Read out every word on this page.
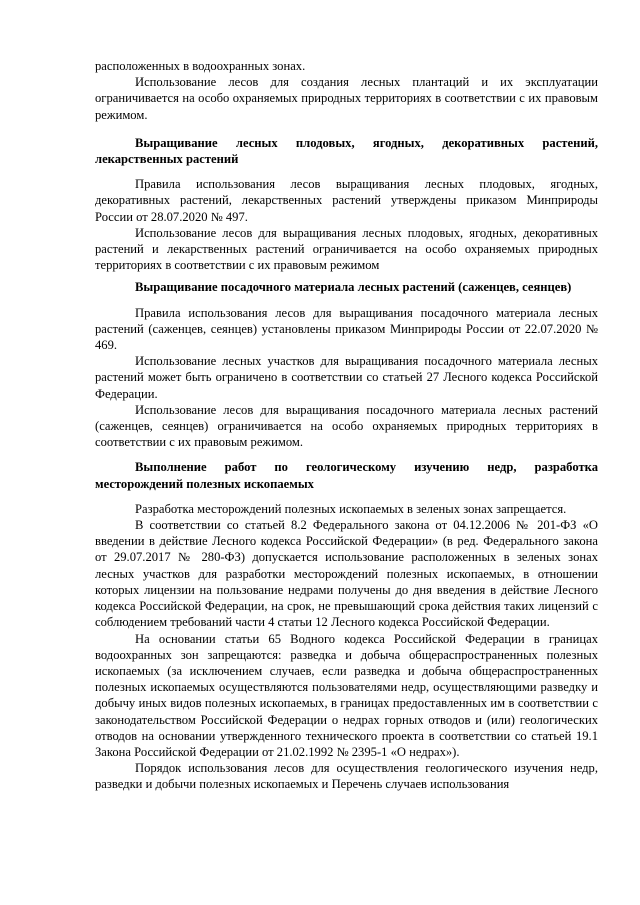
расположенных в водоохранных зонах.

Использование лесов для создания лесных плантаций и их эксплуатации ограничивается на особо охраняемых природных территориях в соответствии с их правовым режимом.

Выращивание лесных плодовых, ягодных, декоративных растений, лекарственных растений

Правила использования лесов выращивания лесных плодовых, ягодных, декоративных растений, лекарственных растений утверждены приказом Минприроды России от 28.07.2020 № 497.

Использование лесов для выращивания лесных плодовых, ягодных, декоративных растений и лекарственных растений ограничивается на особо охраняемых природных территориях в соответствии с их правовым режимом

Выращивание посадочного материала лесных растений (саженцев, сеянцев)

Правила использования лесов для выращивания посадочного материала лесных растений (саженцев, сеянцев) установлены приказом Минприроды России от 22.07.2020 № 469.

Использование лесных участков для выращивания посадочного материала лесных растений может быть ограничено в соответствии со статьей 27 Лесного кодекса Российской Федерации.

Использование лесов для выращивания посадочного материала лесных растений (саженцев, сеянцев) ограничивается на особо охраняемых природных территориях в соответствии с их правовым режимом.

Выполнение работ по геологическому изучению недр, разработка месторождений полезных ископаемых

Разработка месторождений полезных ископаемых в зеленых зонах запрещается.

В соответствии со статьей 8.2 Федерального закона от 04.12.2006 № 201-ФЗ «О введении в действие Лесного кодекса Российской Федерации» (в ред. Федерального закона от 29.07.2017 № 280-ФЗ) допускается использование расположенных в зеленых зонах лесных участков для разработки месторождений полезных ископаемых, в отношении которых лицензии на пользование недрами получены до дня введения в действие Лесного кодекса Российской Федерации, на срок, не превышающий срока действия таких лицензий с соблюдением требований части 4 статьи 12 Лесного кодекса Российской Федерации.

На основании статьи 65 Водного кодекса Российской Федерации в границах водоохранных зон запрещаются: разведка и добыча общераспространенных полезных ископаемых (за исключением случаев, если разведка и добыча общераспространенных полезных ископаемых осуществляются пользователями недр, осуществляющими разведку и добычу иных видов полезных ископаемых, в границах предоставленных им в соответствии с законодательством Российской Федерации о недрах горных отводов и (или) геологических отводов на основании утвержденного технического проекта в соответствии со статьей 19.1 Закона Российской Федерации от 21.02.1992 № 2395-1 «О недрах»).

Порядок использования лесов для осуществления геологического изучения недр, разведки и добычи полезных ископаемых и Перечень случаев использования
